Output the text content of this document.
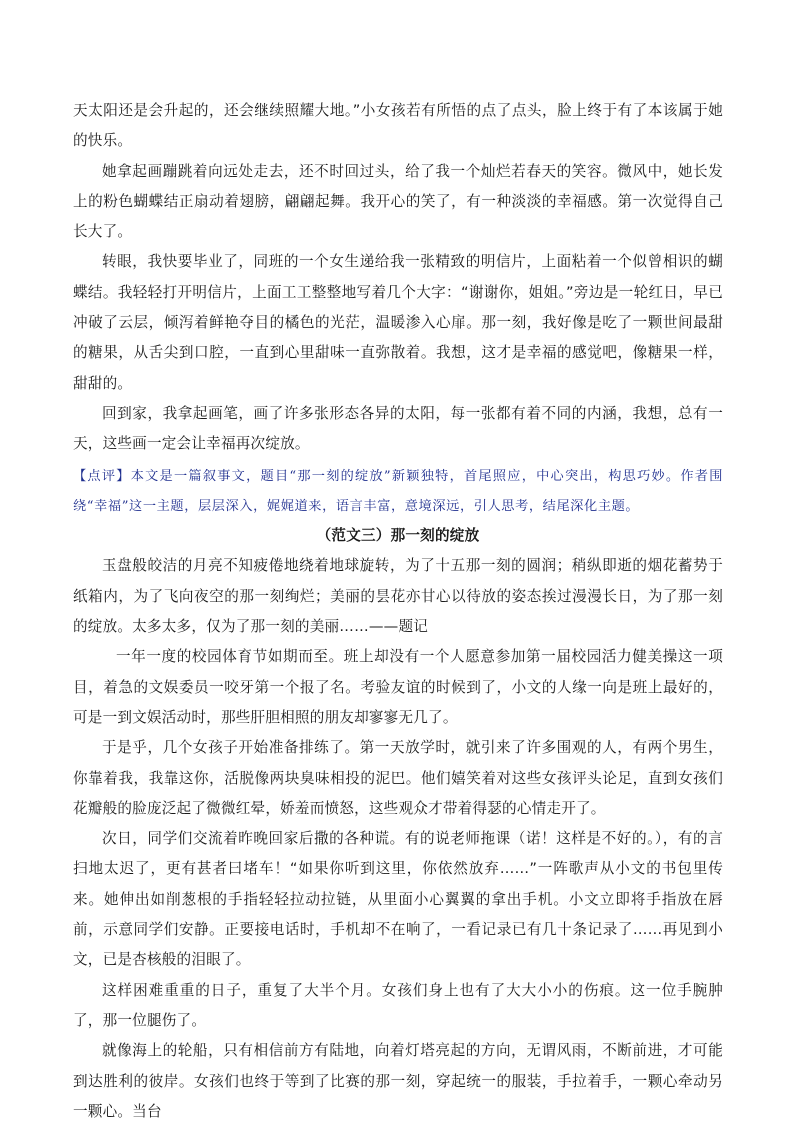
天太阳还是会升起的，还会继续照耀大地。”小女孩若有所悟的点了点头，脸上终于有了本该属于她的快乐。

她拿起画蹦跳着向远处走去，还不时回过头，给了我一个灿烂若春天的笑容。微风中，她长发上的粉色蝴蝶结正扇动着翅膀，翩翩起舞。我开心的笑了，有一种淡淡的幸福感。第一次觉得自己长大了。

转眼，我快要毕业了，同班的一个女生递给我一张精致的明信片，上面粘着一个似曾相识的蝴蝶结。我轻轻打开明信片，上面工工整整地写着几个大字：“谢谢你，姐姐。”旁边是一轮红日，早已冲破了云层，倾泻着鲜艳夺目的橘色的光茫，温暖渗入心扉。那一刻，我好像是吃了一颗世间最甜的糖果，从舌尖到口腔，一直到心里甜味一直弥散着。我想，这才是幸福的感觉吧，像糖果一样，甜甜的。

回到家，我拿起画笔，画了许多张形态各异的太阳，每一张都有着不同的内涵，我想，总有一天，这些画一定会让幸福再次绽放。

【点评】本文是一篇叙事文，题目“那一刻的绽放”新颖独特，首尾照应，中心突出，构思巧妙。作者围绕“幸福”这一主题，层层深入，娓娓道来，语言丰富，意境深远，引人思考，结尾深化主题。

（范文三）那一刻的绽放

玉盘般皎洁的月亮不知疲倦地绕着地球旋转，为了十五那一刻的圆润；稍纵即逝的烟花蓄势于纸箱内，为了飞向夜空的那一刻绚烂；美丽的昙花亦甘心以待放的姿态挨过漫漫长日，为了那一刻的绽放。太多太多，仅为了那一刻的美丽……——题记

一年一度的校园体育节如期而至。班上却没有一个人愿意参加第一届校园活力健美操这一项目，着急的文娱委员一咬牙第一个报了名。考验友谊的时候到了，小文的人缘一向是班上最好的，可是一到文娱活动时，那些肝胆相照的朋友却寥寥无几了。

于是乎，几个女孩子开始准备排练了。第一天放学时，就引来了许多围观的人，有两个男生，你靠着我，我靠这你，活脱像两块臭味相投的泥巴。他们嬉笑着对这些女孩评头论足，直到女孩们花瓣般的脸庞泛起了微微红晕，娇羞而愤怒，这些观众才带着得瑟的心情走开了。

次日，同学们交流着昨晚回家后撒的各种谎。有的说老师拖课（诺！这样是不好的。），有的言扫地太迟了，更有甚者曰堵车！“如果你听到这里，你依然放弃……”一阵歌声从小文的书包里传来。她伸出如削葱根的手指轻轻拉动拉链，从里面小心翼翼的拿出手机。小文立即将手指放在唇前，示意同学们安静。正要接电话时，手机却不在响了，一看记录已有几十条记录了……再见到小文，已是杏核般的泪眼了。

这样困难重重的日子，重复了大半个月。女孩们身上也有了大大小小的伤痕。这一位手腕肿了，那一位腿伤了。

就像海上的轮船，只有相信前方有陆地，向着灯塔亮起的方向，无谓风雨，不断前进，才可能到达胜利的彼岸。女孩们也终于等到了比赛的那一刻，穿起统一的服装，手拉着手，一颗心牵动另一颗心。当台
